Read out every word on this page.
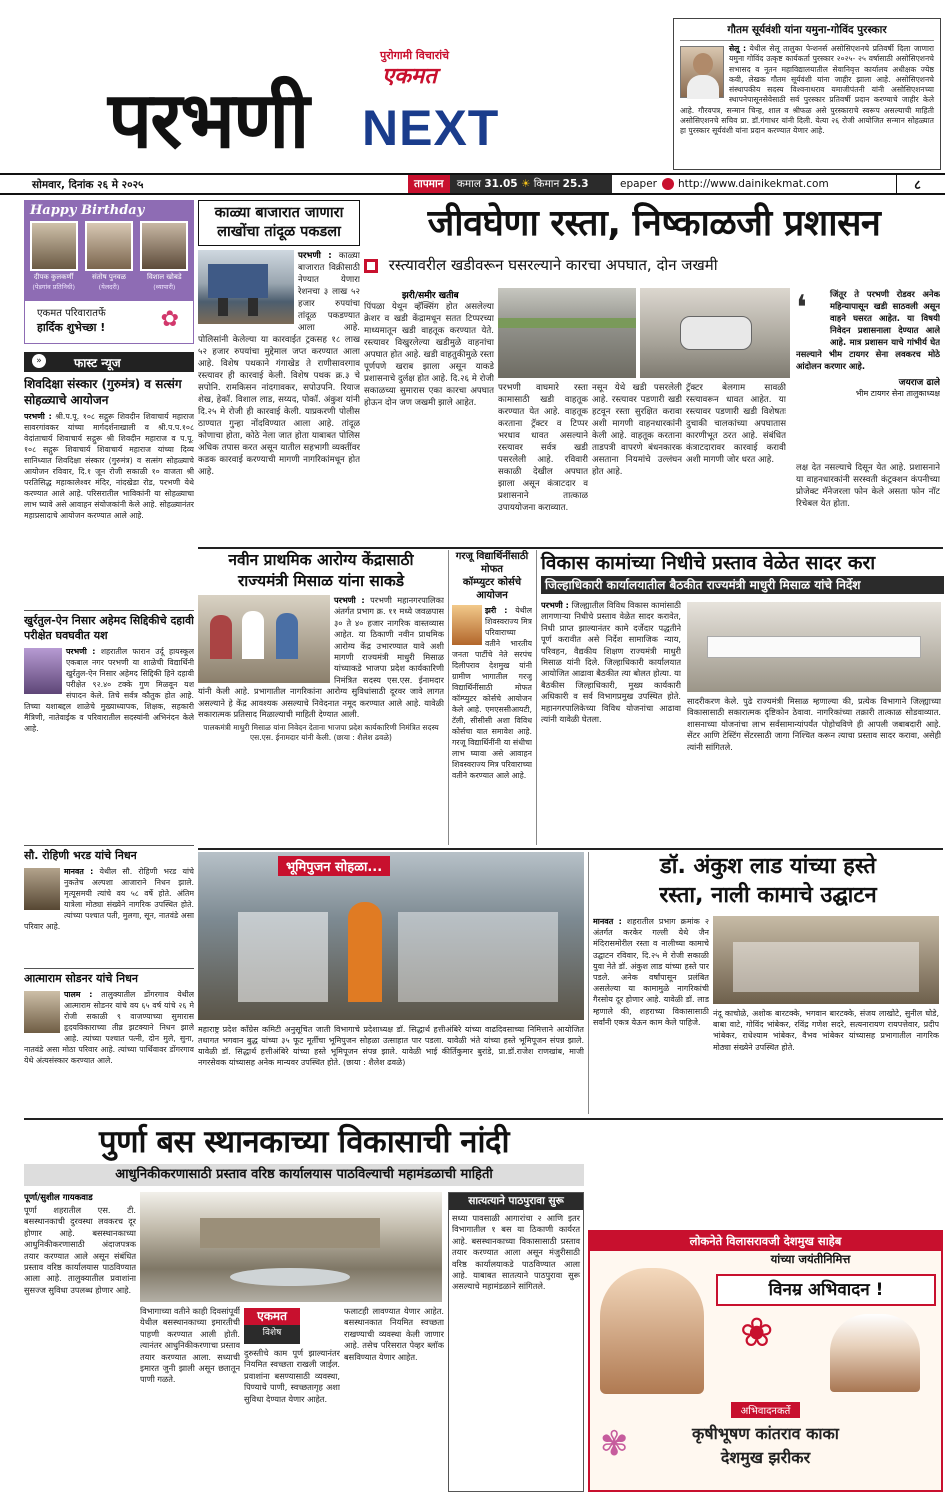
पुरोगामी विचारांचे
एकमत
परभणी NEXT
गौतम सूर्यवंशी यांना यमुना-गोविंद पुरस्कार
सेलू : येथील सेलू तालुका पेन्शनर्स असोसिएशनचे प्रतिवर्षी दिला जाणारा यमुना गोविंद उत्कृष्ट कार्यकर्ता पुरस्कार २०२५- २५ वर्षासाठी असोसिएशनचे सभासद व नूतन महाविद्यालयातील सेवानिवृत्त कार्यालय अधीक्षक ज्येष्ठ कवी, लेखक गौतम सूर्यवंशी यांना जाहीर झाला आहे. असोसिएशनचे संस्थापकीय सदस्य विश्वनाथराव यमाजीपंतनी यांनी असोसिएशनच्या स्थापनेपासूनसेवेसाठी सर्व पुरस्कार प्रतिवर्षी प्रदान करण्याचे जाहीर केले आहे. गौरवपत्र, सन्मान चिन्ह, शाल व श्रीफळ असे पुरस्काराचे स्वरूप असल्याची माहिती असोसिएशनचे सचिव प्रा. डॉ.गंगाधर यांनी दिली. येत्या २६ रोजी आयोजित सन्मान सोहळ्यात हा पुरस्कार सूर्यवंशी यांना प्रदान करण्यात येणार आहे.
सोमवार, दिनांक २६ मे २०२५	तापमान कमाल 31.05 ☀ किमान 25.3	epaper http://www.dainikekmat.com	८
Happy Birthday
दीपक कुलकर्णी
(पेडगांव प्रतिनिधी)
संतोष पुनवळ
(येलदरी)
विशाल खोबडे
(व्यापारी)
एकमत परिवारातर्फे
हार्दिक शुभेच्छा !	✿
»	फास्ट न्यूज
शिवदिक्षा संस्कार (गुरुमंत्र) व सत्संग सोहळ्याचे आयोजन
परभणी : श्री.प.पू. १०८ सद्गुरू शिवदीन शिवाचार्य महाराज सावरगांवकर यांच्या मार्गदर्शनाखाली व श्री.प.प.१०८ वेदांताचार्य शिवाचार्य सद्गुरू श्री शिवदीन महाराज व प.पू. १०८ सद्गुरू शिवाचार्य शिवाचार्य महाराज यांच्या दिव्य सानिध्यात शिवदिक्षा संस्कार (गुरुमंत्र) व सत्संग सोहळ्याचे आयोजन रविवार, दि.१ जून रोजी सकाळी १० वाजता श्री परतिसिद्ध महाकालेश्वर मंदिर, नांदखेडा रोड, परभणी येथे करण्यात आले आहे. परिसरातील भाविकांनी या सोहळ्याचा लाभ घ्यावे असे आवाहन संयोजकांनी केले आहे. सोहळ्यानंतर महाप्रसादाचे आयोजन करण्यात आले आहे.
खुर्रतुल-ऐन निसार अहेमद सिद्दिकीचे दहावी परीक्षेत घवघवीत यश
परभणी : शहरातील फारान उर्दू हायस्कूल एकबाल नगर परभणी या शाळेची विद्यार्थिनी खुर्रतुल-ऐन निसार अहेमद सिद्दिकी हिने दहावी परीक्षेत ९२.४० टक्के गुण मिळवून यश संपादन केले. तिचे सर्वत्र कौतुक होत आहे. तिच्या यशाबद्दल शाळेचे मुख्याध्यापक, शिक्षक, सहकारी मैत्रिणी, नातेवाईक व परिवारातील सदस्यांनी अभिनंदन केले आहे.
सौ. रोहिणी भरड यांचे निधन
मानवत : येथील सौ. रोहिणी भरड यांचे नुकतेच अल्पशा आजाराने निधन झाले. मृत्यूसमयी त्यांचे वय ५८ वर्षे होते. अंतिम यात्रेला मोठ्या संख्येने नागरिक उपस्थित होते. त्यांच्या पश्चात पती, मुलगा, सून, नातवंडे असा परिवार आहे.
आत्माराम सोडनर यांचे निधन
पालम : तालुक्यातील डोंगरगाव येथील आत्माराम सोडनर यांचे वय ६५ वर्ष यांचे २६ मे रोजी सकाळी ९ वाजण्याच्या सुमारास हृदयविकाराच्या तीव्र झटक्याने निधन झाले आहे. त्यांच्या पश्चात पत्नी, दोन मुले, सुना, नातवंडे असा मोठा परिवार आहे. त्यांच्या पार्थिवावर डोंगरगाव येथे अंत्यसंस्कार करण्यात आले.
काळ्या बाजारात जाणारा
लाखोंचा तांदूळ पकडला
परभणी : काळ्या बाजारात विक्रीसाठी नेण्यात येणारा रेशनचा ३ लाख ५२ हजार रुपयांचा तांदूळ पकडण्यात आला आहे. पोलिसांनी केलेल्या या कारवाईत ट्रकसह १८ लाख ५२ हजार रुपयांचा मुद्देमाल जप्त करण्यात आला आहे. विशेष पथकाने गंगाखेड ते राणीसावरगाव रस्त्यावर ही कारवाई केली. विशेष पथक क्र.३ चे सपोनि. रामकिसन नांदगावकर, सपोउपनि. रियाज शेख, हेकॉ. विशाल लाड, सय्यद, पोकॉ. अंकुश यांनी दि.२५ मे रोजी ही कारवाई केली. याप्रकरणी पोलीस ठाण्यात गुन्हा नोंदविण्यात आला आहे. तांदूळ कोणाचा होता, कोठे नेला जात होता याबाबत पोलिस अधिक तपास करत असून यातील सहभागी व्यक्तींवर कडक कारवाई करण्याची मागणी नागरिकांमधून होत आहे.
जीवघेणा रस्ता, निष्काळजी प्रशासन
रस्त्यावरील खडीवरून घसरल्याने कारचा अपघात, दोन जखमी
झरी/समीर खतीब
पिंपळा येथून व्हॅक्सिंग होत असलेल्या क्रेशर व खडी केंद्रामधून सतत टिप्परच्या माध्यमातून खडी वाहतूक करण्यात येते. रस्त्यावर विखुरलेल्या खडीमुळे वाहनांचा अपघात होत आहे. खडी वाहतुकीमुळे रस्ता पूर्णपणे खराब झाला असून याकडे प्रशासनाचे दुर्लक्ष होत आहे. दि.२६ मे रोजी सकाळच्या सुमारास एका कारचा अपघात होऊन दोन जण जखमी झाले आहेत.
परभणी वाघमारे रस्ता कामासाठी खडी वाहतूक करण्यात येत आहे. वाहतूक करताना ट्रॅक्टर व टिप्पर भरधाव धावत असल्याने रस्त्यावर सर्वत्र खडी पसरलेली आहे. रविवारी सकाळी देखील अपघात झाला असून कंत्राटदार व प्रशासनाने तात्काळ उपाययोजना कराव्यात.
नसून येथे खडी पसरलेली आहे. रस्त्यावर पडणारी खडी हटवून रस्ता सुरक्षित करावा अशी मागणी वाहनधारकांनी केली आहे. वाहतूक करताना ताडपत्री वापरणे बंधनकारक असताना नियमांचे उल्लंघन होत आहे.
ट्रॅक्टर बेलगाम सावळी रस्त्यावरून धावत आहेत. या रस्त्यावर पडणारी खडी विशेषतः दुचाकी चालकांच्या अपघातास कारणीभूत ठरत आहे. संबंधित कंत्राटदारावर कारवाई करावी अशी मागणी जोर धरत आहे.
❛	जिंतूर ते परभणी रोडवर अनेक महिन्यापासून खडी साठवली असून वाहने घसरत आहेत. या विषयी निवेदन प्रशासनाला देण्यात आले आहे. मात्र प्रशासन याचे गांभीर्य घेत नसल्याने भीम टायगर सेना लवकरच मोठे आंदोलन करणार आहे.
जयराज ढाले
भीम टायगर सेना तालुकाध्यक्ष
लक्ष देत नसल्याचे दिसून येत आहे. प्रशासनाने या वाहनधारकांनी सरस्वती कंट्रक्शन कंपनीच्या प्रोजेक्ट मॅनेजरला फोन केले असता फोन नॉट रिचेबल येत होता.
नवीन प्राथमिक आरोग्य केंद्रासाठी
राज्यमंत्री मिसाळ यांना साकडे
परभणी : परभणी महानगरपालिका अंतर्गत प्रभाग क्र. ११ मध्ये जवळपास ३० ते ४० हजार नागरिक वास्तव्यास आहेत. या ठिकाणी नवीन प्राथमिक आरोग्य केंद्र उभारण्यात यावे अशी मागणी राज्यमंत्री माधुरी मिसाळ यांच्याकडे भाजपा प्रदेश कार्यकारिणी निमंत्रित सदस्य एस.एस. ईनामदार यांनी केली आहे. प्रभागातील नागरिकांना आरोग्य सुविधांसाठी दूरवर जावे लागत असल्याने हे केंद्र आवश्यक असल्याचे निवेदनात नमूद करण्यात आले आहे. यावेळी सकारात्मक प्रतिसाद मिळाल्याची माहिती देण्यात आली.
पालकमंत्री माधुरी मिसाळ यांना निवेदन देताना भाजपा प्रदेश कार्यकारिणी निमंत्रित सदस्य एस.एस. ईनामदार यांनी केली. (छाया : शैलेश ढवळे)
गरजू विद्यार्थिनींसाठी मोफत
कॉम्प्युटर कोर्सचे आयोजन
झरी : येथील शिवस्वराज्य मित्र परिवाराच्या वतीने भारतीय जनता पार्टीचे नेते सरपंच दिलीपराव देशमुख यांनी ग्रामीण भागातील गरजू विद्यार्थिनींसाठी मोफत कॉम्प्युटर कोर्सचे आयोजन केले आहे. एमएससीआयटी, टॅली, सीसीसी अशा विविध कोर्सचा यात समावेश आहे. गरजू विद्यार्थिनींनी या संधीचा लाभ घ्यावा असे आवाहन शिवस्वराज्य मित्र परिवाराच्या वतीने करण्यात आले आहे.
विकास कामांच्या निधीचे प्रस्ताव वेळेत सादर करा
जिल्हाधिकारी कार्यालयातील बैठकीत राज्यमंत्री माधुरी मिसाळ यांचे निर्देश
परभणी : जिल्ह्यातील विविध विकास कामांसाठी लागणाऱ्या निधीचे प्रस्ताव वेळेत सादर करावेत, निधी प्राप्त झाल्यानंतर कामे दर्जेदार पद्धतीने पूर्ण करावीत असे निर्देश सामाजिक न्याय, परिवहन, वैद्यकीय शिक्षण राज्यमंत्री माधुरी मिसाळ यांनी दिले. जिल्हाधिकारी कार्यालयात आयोजित आढावा बैठकीत त्या बोलत होत्या. या बैठकीस जिल्हाधिकारी, मुख्य कार्यकारी अधिकारी व सर्व विभागप्रमुख उपस्थित होते. महानगरपालिकेच्या विविध योजनांचा आढावा त्यांनी यावेळी घेतला.
सादरीकरण केले. पुढे राज्यमंत्री मिसाळ म्हणाल्या की, प्रत्येक विभागाने जिल्ह्याच्या विकासासाठी सकारात्मक दृष्टिकोन ठेवावा. नागरिकांच्या तक्रारी तात्काळ सोडवाव्यात. शासनाच्या योजनांचा लाभ सर्वसामान्यांपर्यंत पोहोचविणे ही आपली जबाबदारी आहे. सेंटर आणि टेस्टिंग सेंटरसाठी जागा निश्चित करून त्याचा प्रस्ताव सादर करावा, असेही त्यांनी सांगितले.
भूमिपुजन सोहळा...
महाराष्ट्र प्रदेश काँग्रेस कमिटी अनुसूचित जाती विभागाचे प्रदेशाध्यक्ष डॉ. सिद्धार्थ हत्तीअंबिरे यांच्या वाढदिवसाच्या निमित्ताने आयोजित तथागत भगवान बुद्ध यांच्या ३५ फूट मूर्तीचा भूमिपुजन सोहळा उत्साहात पार पडला. यावेळी भंते यांच्या हस्ते भूमिपूजन संपन्न झाले. यावेळी डॉ. सिद्धार्थ हत्तीअंबिरे यांच्या हस्ते भूमिपूजन संपन्न झाले. यावेळी भाई कीर्तिकुमार बुरांडे, प्रा.डॉ.राजेश राणखांब, माजी नगरसेवक यांच्यासह अनेक मान्यवर उपस्थित होते. (छाया : शैलेश ढवळे)
डॉ. अंकुश लाड यांच्या हस्ते
रस्ता, नाली कामाचे उद्घाटन
मानवत : शहरातील प्रभाग क्रमांक २ अंतर्गत करकेर गल्ली येथे जैन मंदिरासमोरील रस्ता व नालीच्या कामाचे उद्घाटन रविवार, दि.२५ मे रोजी सकाळी युवा नेते डॉ. अंकुश लाड यांच्या हस्ते पार पडले. अनेक वर्षांपासून प्रलंबित असलेल्या या कामामुळे नागरिकांची गैरसोय दूर होणार आहे. यावेळी डॉ. लाड म्हणाले की, शहराच्या विकासासाठी सर्वांनी एकत्र येऊन काम केले पाहिजे.
नंदू काचोळे, अशोक बारटक्के, भगवान बारटक्के, संजय लाखोटे, सुनील घोडे, बाबा वाटे, गोविंद भांबेकर, रविंद्र गणेश सदरे, सत्यनारायण रायपत्तेवार, प्रदीप भांबेकर, राधेश्याम भांबेकर, वैभव भांबेकर यांच्यासह प्रभागातील नागरिक मोठ्या संख्येने उपस्थित होते.
पुर्णा बस स्थानकाच्या विकासाची नांदी
आधुनिकीकरणासाठी प्रस्ताव वरिष्ठ कार्यालयास पाठविल्याची महामंडळाची माहिती
पूर्णा/सुशील गायकवाड
पूर्णा शहरातील एस. टी. बसस्थानकाची दुरवस्था लवकरच दूर होणार आहे. बसस्थानकाच्या आधुनिकीकरणासाठी अंदाजपत्रक तयार करण्यात आले असून संबंधित प्रस्ताव वरिष्ठ कार्यालयास पाठविण्यात आला आहे. तालुक्यातील प्रवाशांना सुसज्ज सुविधा उपलब्ध होणार आहे.
विभागाच्या वतीने काही दिवसांपूर्वी येथील बसस्थानकाच्या इमारतीची पाहणी करण्यात आली होती. त्यानंतर आधुनिकीकरणाचा प्रस्ताव तयार करण्यात आला. सध्याची इमारत जुनी झाली असून छतातून पाणी गळते.
एकमत
विशेष
दुरुस्तीचे काम पूर्ण झाल्यानंतर नियमित स्वच्छता राखली जाईल. प्रवाशांना बसण्यासाठी व्यवस्था, पिण्याचे पाणी, स्वच्छतागृह अशा सुविधा देण्यात येणार आहेत.
फलाटही लावण्यात येणार आहेत. बसस्थानकात नियमित स्वच्छता राखण्याची व्यवस्था केली जाणार आहे. तसेच परिसरात पेव्हर ब्लॉक बसविण्यात येणार आहेत.
सात्यत्याने पाठपुरावा सुरू
सध्या पावसाळी आगारांचा २ आणि इतर विभागातील १ बस या ठिकाणी कार्यरत आहे. बसस्थानकाच्या विकासासाठी प्रस्ताव तयार करण्यात आला असून मंजुरीसाठी वरिष्ठ कार्यालयाकडे पाठविण्यात आला आहे. याबाबत सातत्याने पाठपुरावा सुरू असल्याचे महामंडळाने सांगितले.
लोकनेते विलासरावजी देशमुख साहेब
यांच्या जयंतीनिमित्त
विनम्र अभिवादन !
❀
अभिवादनकर्ते
✾	कृषीभूषण कांतराव काका
देशमुख झरीकर
